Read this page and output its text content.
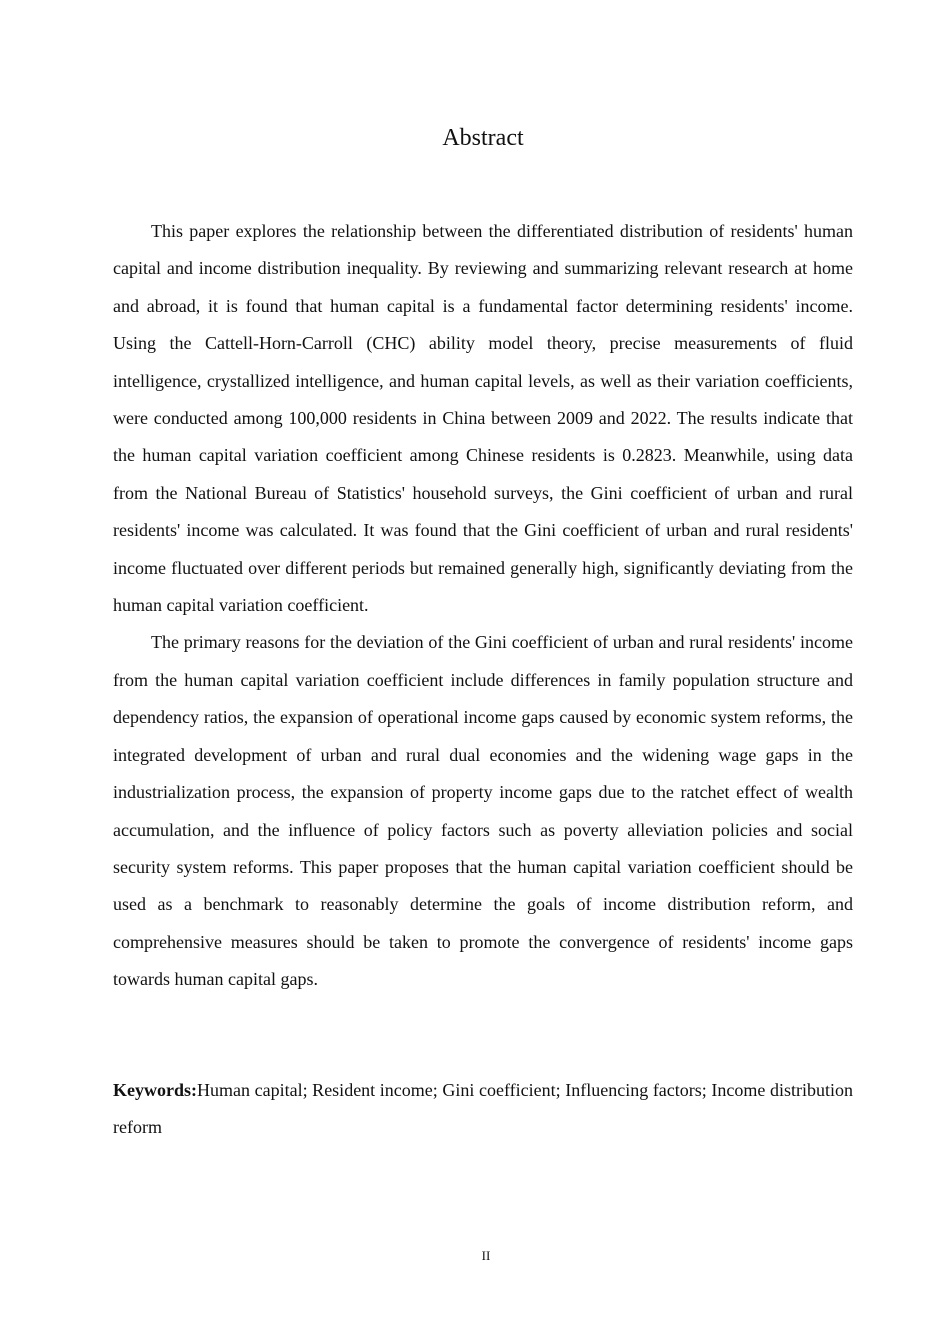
Abstract

This paper explores the relationship between the differentiated distribution of residents' human capital and income distribution inequality. By reviewing and summarizing relevant research at home and abroad, it is found that human capital is a fundamental factor determining residents' income. Using the Cattell-Horn-Carroll (CHC) ability model theory, precise measurements of fluid intelligence, crystallized intelligence, and human capital levels, as well as their variation coefficients, were conducted among 100,000 residents in China between 2009 and 2022. The results indicate that the human capital variation coefficient among Chinese residents is 0.2823. Meanwhile, using data from the National Bureau of Statistics' household surveys, the Gini coefficient of urban and rural residents' income was calculated. It was found that the Gini coefficient of urban and rural residents' income fluctuated over different periods but remained generally high, significantly deviating from the human capital variation coefficient.

The primary reasons for the deviation of the Gini coefficient of urban and rural residents' income from the human capital variation coefficient include differences in family population structure and dependency ratios, the expansion of operational income gaps caused by economic system reforms, the integrated development of urban and rural dual economies and the widening wage gaps in the industrialization process, the expansion of property income gaps due to the ratchet effect of wealth accumulation, and the influence of policy factors such as poverty alleviation policies and social security system reforms. This paper proposes that the human capital variation coefficient should be used as a benchmark to reasonably determine the goals of income distribution reform, and comprehensive measures should be taken to promote the convergence of residents' income gaps towards human capital gaps.

Keywords:Human capital; Resident income; Gini coefficient; Influencing factors; Income distribution reform

II
